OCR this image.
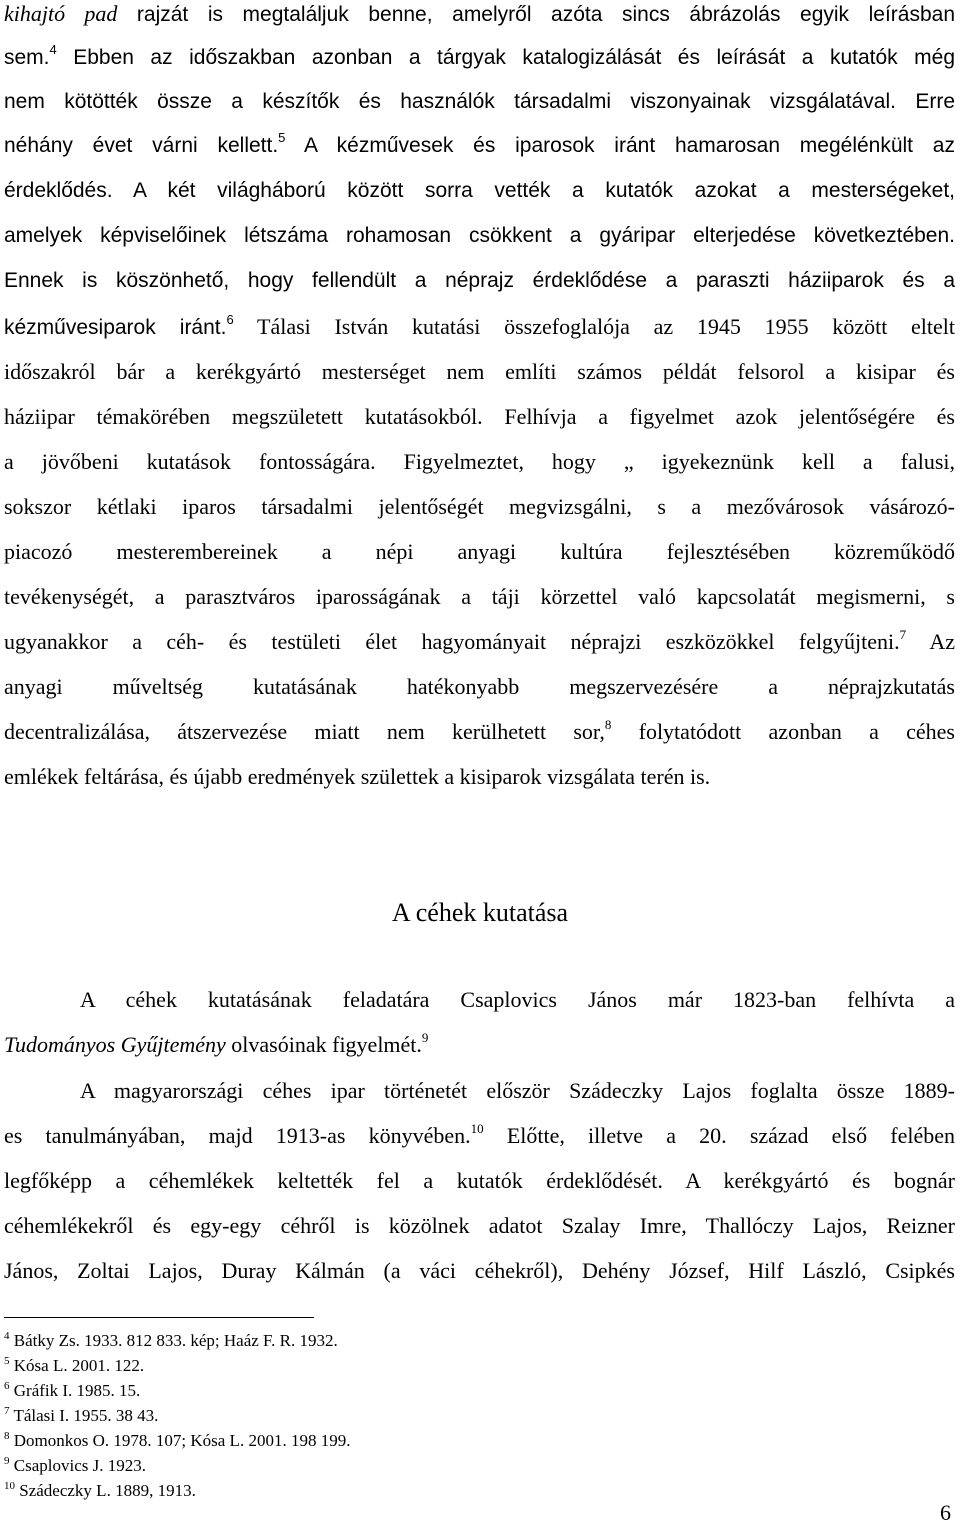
kihajtó pad rajzát is megtaláljuk benne, amelyről azóta sincs ábrázolás egyik leírásban
sem.$^4$ Ebben az időszakban azonban a tárgyak katalogizálását és leírását a kutatók még
nem kötötték össze a készítők és használók társadalmi viszonyainak vizsgálatával. Erre
néhány évet várni kellett.$^5$ A kézművesek és iparosok iránt hamarosan megélénkült az
érdeklődés. A két világháború között sorra vették a kutatók azokat a mesterségeket,
amelyek képviselőinek létszáma rohamosan csökkent a gyáripar elterjedése következtében.
Ennek is köszönhető, hogy fellendült a néprajz érdeklődése a paraszti háziiparok és a
kézművesiparok iránt.$^6$ Tálasi István kutatási összefoglalója az 1945 1955 között eltelt
időszakról bár a kerékgyártó mesterséget nem említi számos példát felsorol a kisipar és
háziipar témakörében megszületett kutatásokból. Felhívja a figyelmet azok jelentőségére és
a jövőbeni kutatások fontosságára. Figyelmeztet, hogy „ igyekeznünk kell a falusi,
sokszor kétlaki iparos társadalmi jelentőségét megvizsgálni, s a mezővárosok vásározó-
piacozó mesterembereinek a népi anyagi kultúra fejlesztésében közreműködő
tevékenységét, a parasztváros iparosságának a táji körzettel való kapcsolatát megismerni, s
ugyanakkor a céh- és testületi élet hagyományait néprajzi eszközökkel felgyűjteni.$^7$ Az
anyagi műveltség kutatásának hatékonyabb megszervezésére a néprajzkutatás
decentralizálása, átszervezése miatt nem kerülhetett sor,$^8$ folytatódott azonban a céhes
emlékek feltárása, és újabb eredmények születtek a kisiparok vizsgálata terén is.
A céhek kutatása
A céhek kutatásának feladatára Csaplovics János már 1823-ban felhívta a
Tudományos Gyűjtemény olvasóinak figyelmét.$^9$
A magyarországi céhes ipar történetét először Szádeczky Lajos foglalta össze 1889-
es tanulmányában, majd 1913-as könyvében.$^{10}$ Előtte, illetve a 20. század első felében
legfőképp a céhemlékek keltették fel a kutatók érdeklődését. A kerékgyártó és bognár
céhemlékekről és egy-egy céhről is közölnek adatot Szalay Imre, Thallóczy Lajos, Reizner
János, Zoltai Lajos, Duray Kálmán (a váci céhekről), Dehény József, Hilf László, Csipkés
$^4$ Bátky Zs. 1933. 812 833. kép; Haáz F. R. 1932.
$^5$ Kósa L. 2001. 122.
$^6$ Gráfik I. 1985. 15.
$^7$ Tálasi I. 1955. 38 43.
$^8$ Domonkos O. 1978. 107; Kósa L. 2001. 198 199.
$^9$ Csaplovics J. 1923.
$^{10}$ Szádeczky L. 1889, 1913.
6
